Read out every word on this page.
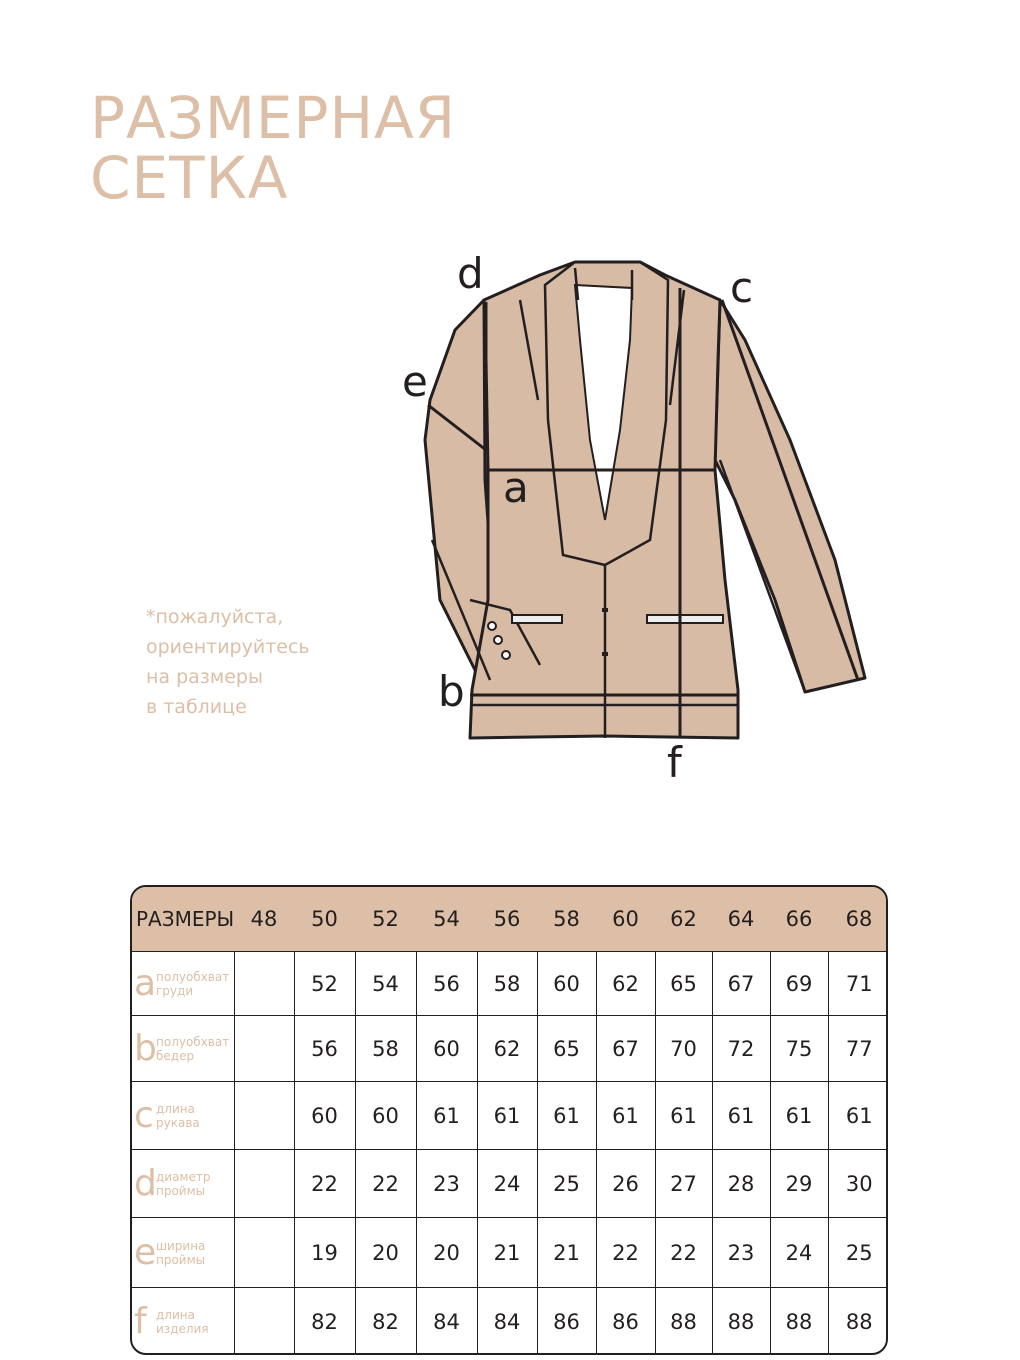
РАЗМЕРНАЯ
СЕТКА
*пожалуйста,
ориентируйтесь
на размеры
в таблице
a
b
c
d
e
f
РАЗМЕРЫ	48	50	52	54	56	58	60	62	64	66	68
a полуобхват
груди		52	54	56	58	60	62	65	67	69	71
b полуобхват
бедер		56	58	60	62	65	67	70	72	75	77
c длина
рукава		60	60	61	61	61	61	61	61	61	61
d диаметр
проймы		22	22	23	24	25	26	27	28	29	30
e ширина
проймы		19	20	20	21	21	22	22	23	24	25
f длина
изделия		82	82	84	84	86	86	88	88	88	88
